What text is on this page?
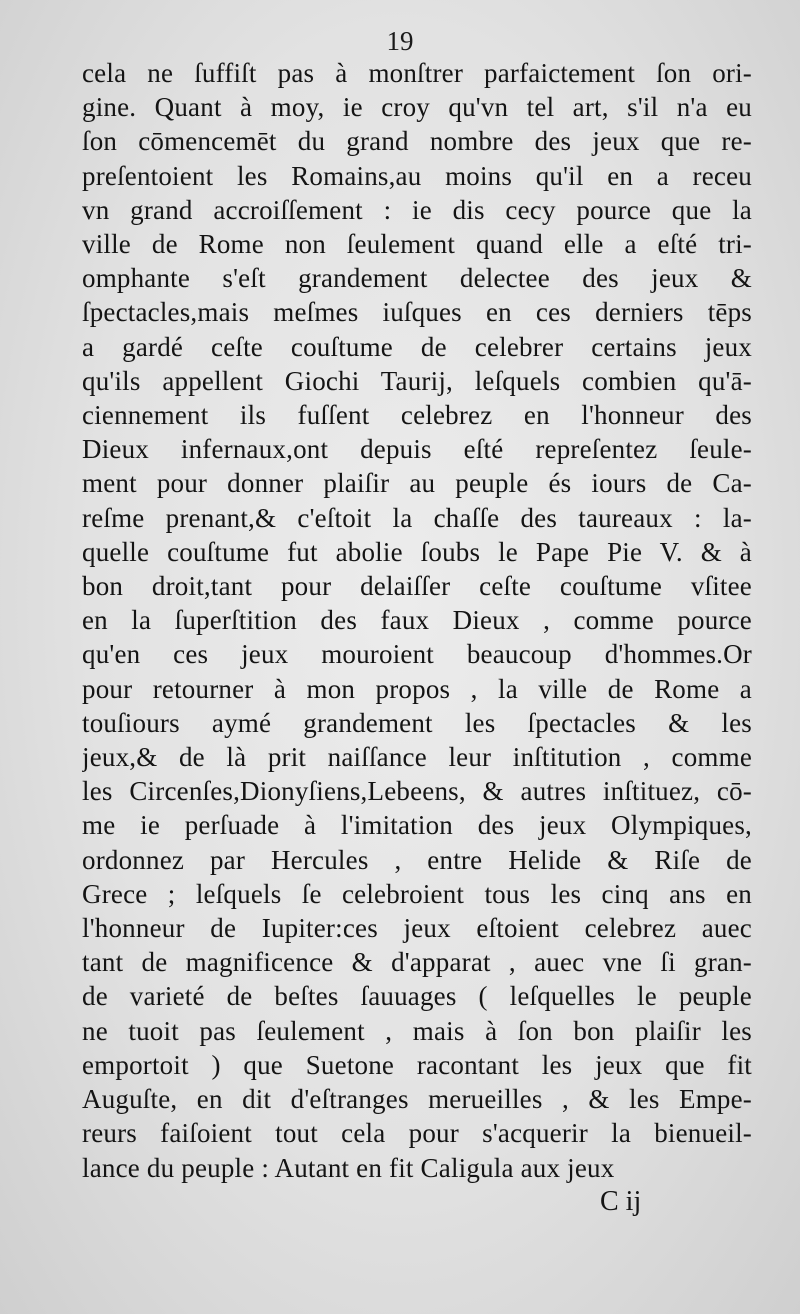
19
cela ne ſuffiſt pas à monſtrer parfaictement ſon ori-
gine. Quant à moy, ie croy qu'vn tel art, s'il n'a eu
ſon cōmencemēt du grand nombre des jeux que re-
preſentoient les Romains,au moins qu'il en a receu
vn grand accroiſſement : ie dis cecy pource que la
ville de Rome non ſeulement quand elle a eſté tri-
omphante s'eſt grandement delectee des jeux &
ſpectacles,mais meſmes iuſques en ces derniers tēps
a gardé ceſte couſtume de celebrer certains jeux
qu'ils appellent Giochi Taurij, leſquels combien qu'ā-
ciennement ils fuſſent celebrez en l'honneur des
Dieux infernaux,ont depuis eſté repreſentez ſeule-
ment pour donner plaiſir au peuple és iours de Ca-
reſme prenant,& c'eſtoit la chaſſe des taureaux : la-
quelle couſtume fut abolie ſoubs le Pape Pie V. & à
bon droit,tant pour delaiſſer ceſte couſtume vſitee
en la ſuperſtition des faux Dieux , comme pource
qu'en ces jeux mouroient beaucoup d'hommes.Or
pour retourner à mon propos , la ville de Rome a
touſiours aymé grandement les ſpectacles & les
jeux,& de là prit naiſſance leur inſtitution , comme
les Circenſes,Dionyſiens,Lebeens, & autres inſtituez, cō-
me ie perſuade à l'imitation des jeux Olympiques,
ordonnez par Hercules , entre Helide & Riſe de
Grece ; leſquels ſe celebroient tous les cinq ans en
l'honneur de Iupiter:ces jeux eſtoient celebrez auec
tant de magnificence & d'apparat , auec vne ſi gran-
de varieté de beſtes ſauuages ( leſquelles le peuple
ne tuoit pas ſeulement , mais à ſon bon plaiſir les
emportoit ) que Suetone racontant les jeux que fit
Auguſte, en dit d'eſtranges merueilles , & les Empe-
reurs faiſoient tout cela pour s'acquerir la bienueil-
lance du peuple : Autant en fit Caligula aux jeux
C ij
